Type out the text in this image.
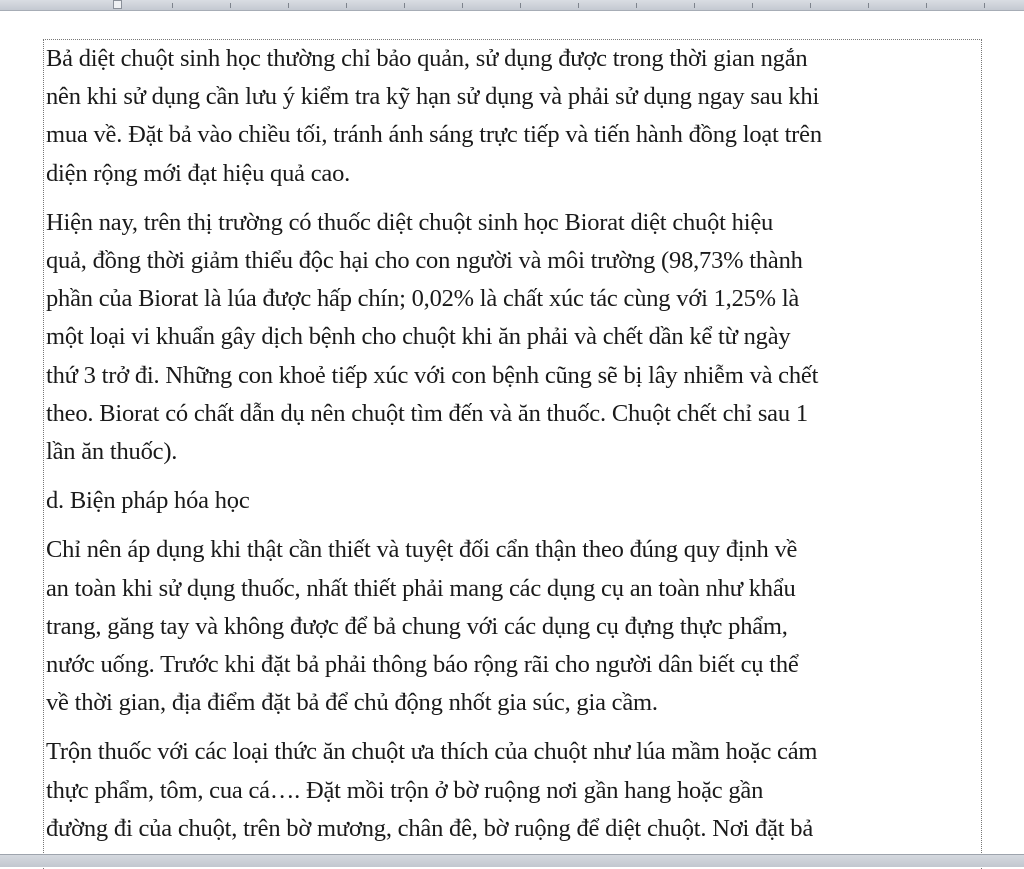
Bả diệt chuột sinh học thường chỉ bảo quản, sử dụng được trong thời gian ngắn
nên khi sử dụng cần lưu ý kiểm tra kỹ hạn sử dụng và phải sử dụng ngay sau khi
mua về. Đặt bả vào chiều tối, tránh ánh sáng trực tiếp và tiến hành đồng loạt trên
diện rộng mới đạt hiệu quả cao.

Hiện nay, trên thị trường có thuốc diệt chuột sinh học Biorat diệt chuột hiệu
quả, đồng thời giảm thiểu độc hại cho con người và môi trường (98,73% thành
phần của Biorat là lúa được hấp chín; 0,02% là chất xúc tác cùng với 1,25% là
một loại vi khuẩn gây dịch bệnh cho chuột khi ăn phải và chết dần kể từ ngày
thứ 3 trở đi. Những con khoẻ tiếp xúc với con bệnh cũng sẽ bị lây nhiễm và chết
theo. Biorat có chất dẫn dụ nên chuột tìm đến và ăn thuốc. Chuột chết chỉ sau 1
lần ăn thuốc).

d. Biện pháp hóa học

Chỉ nên áp dụng khi thật cần thiết và tuyệt đối cẩn thận theo đúng quy định về
an toàn khi sử dụng thuốc, nhất thiết phải mang các dụng cụ an toàn như khẩu
trang, găng tay và không được để bả chung với các dụng cụ đựng thực phẩm,
nước uống. Trước khi đặt bả phải thông báo rộng rãi cho người dân biết cụ thể
về thời gian, địa điểm đặt bả để chủ động nhốt gia súc, gia cầm.

Trộn thuốc với các loại thức ăn chuột ưa thích của chuột như lúa mầm hoặc cám
thực phẩm, tôm, cua cá…. Đặt mồi trộn ở bờ ruộng nơi gần hang hoặc gần
đường đi của chuột, trên bờ mương, chân đê, bờ ruộng để diệt chuột. Nơi đặt bả
